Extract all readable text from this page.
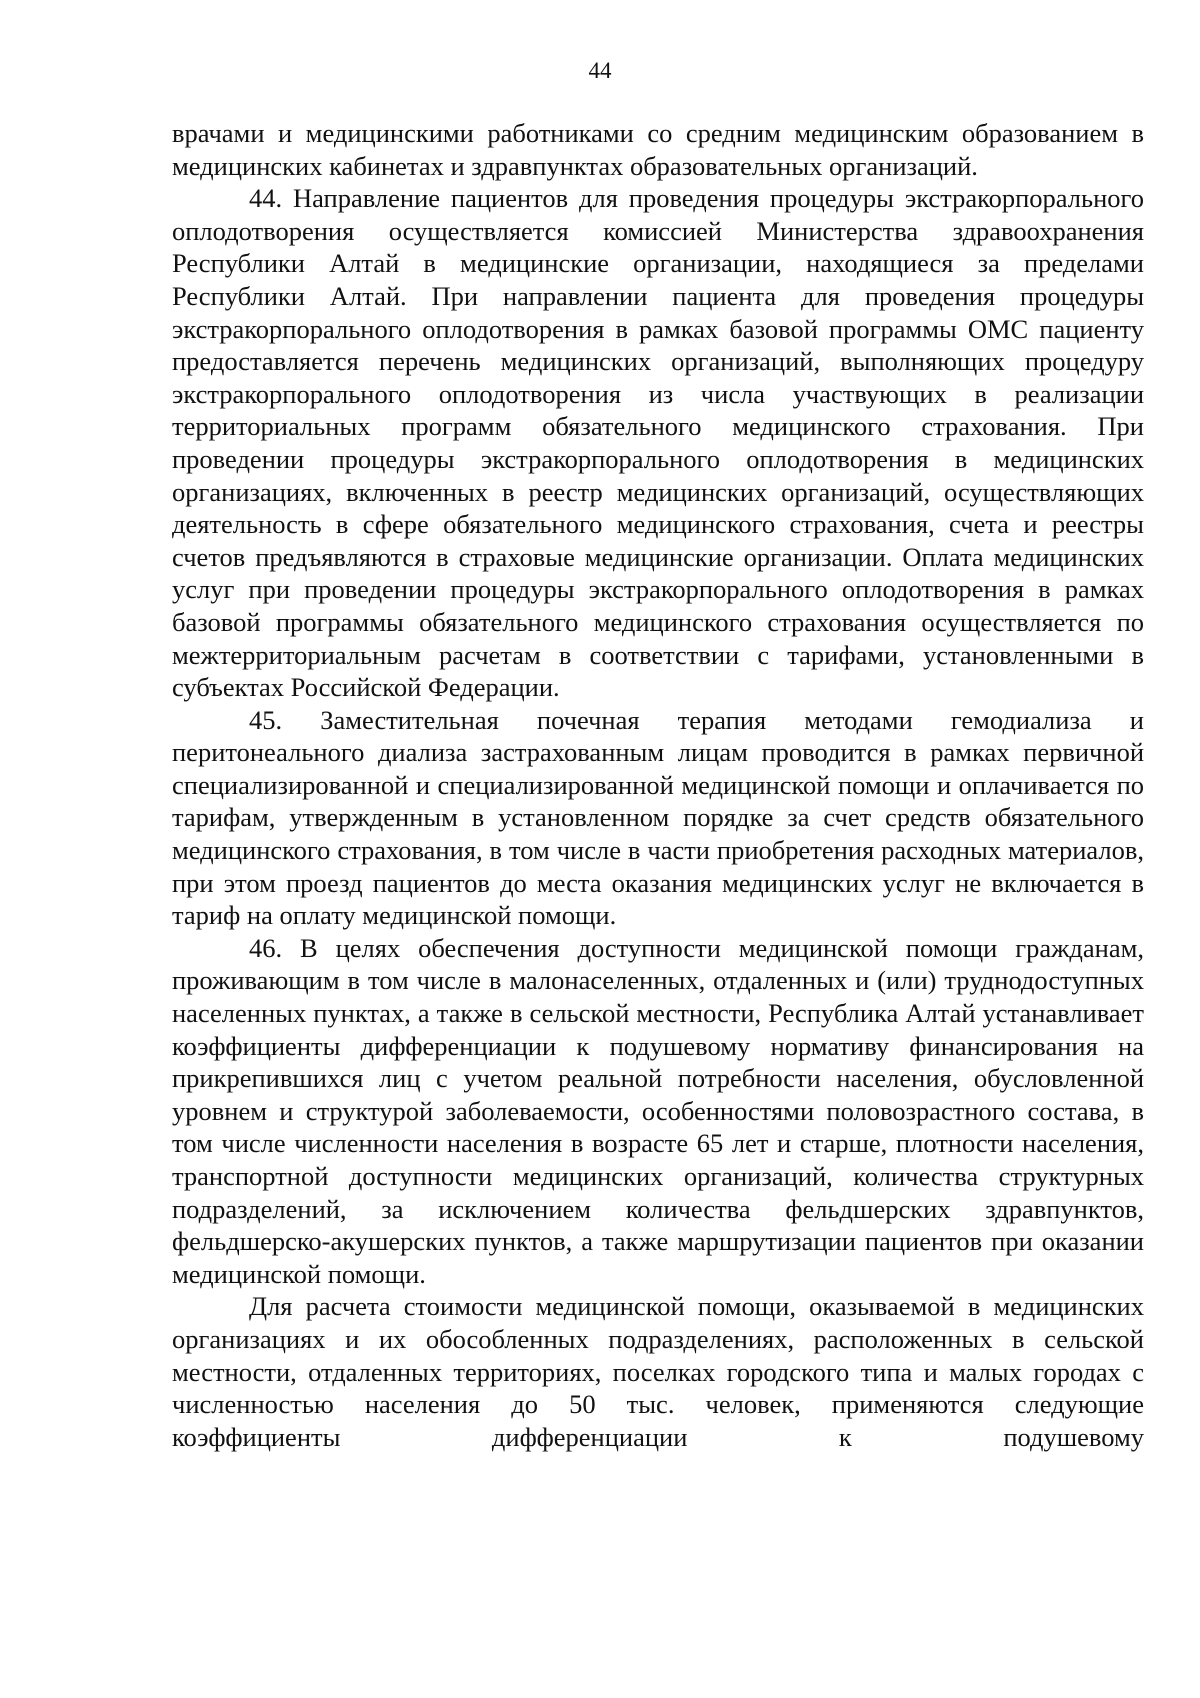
44

врачами и медицинскими работниками со средним медицинским образованием в медицинских кабинетах и здравпунктах образовательных организаций.

44. Направление пациентов для проведения процедуры экстракорпорального оплодотворения осуществляется комиссией Министерства здравоохранения Республики Алтай в медицинские организации, находящиеся за пределами Республики Алтай. При направлении пациента для проведения процедуры экстракорпорального оплодотворения в рамках базовой программы ОМС пациенту предоставляется перечень медицинских организаций, выполняющих процедуру экстракорпорального оплодотворения из числа участвующих в реализации территориальных программ обязательного медицинского страхования. При проведении процедуры экстракорпорального оплодотворения в медицинских организациях, включенных в реестр медицинских организаций, осуществляющих деятельность в сфере обязательного медицинского страхования, счета и реестры счетов предъявляются в страховые медицинские организации. Оплата медицинских услуг при проведении процедуры экстракорпорального оплодотворения в рамках базовой программы обязательного медицинского страхования осуществляется по межтерриториальным расчетам в соответствии с тарифами, установленными в субъектах Российской Федерации.

45. Заместительная почечная терапия методами гемодиализа и перитонеального диализа застрахованным лицам проводится в рамках первичной специализированной и специализированной медицинской помощи и оплачивается по тарифам, утвержденным в установленном порядке за счет средств обязательного медицинского страхования, в том числе в части приобретения расходных материалов, при этом проезд пациентов до места оказания медицинских услуг не включается в тариф на оплату медицинской помощи.

46. В целях обеспечения доступности медицинской помощи гражданам, проживающим в том числе в малонаселенных, отдаленных и (или) труднодоступных населенных пунктах, а также в сельской местности, Республика Алтай устанавливает коэффициенты дифференциации к подушевому нормативу финансирования на прикрепившихся лиц с учетом реальной потребности населения, обусловленной уровнем и структурой заболеваемости, особенностями половозрастного состава, в том числе численности населения в возрасте 65 лет и старше, плотности населения, транспортной доступности медицинских организаций, количества структурных подразделений, за исключением количества фельдшерских здравпунктов, фельдшерско-акушерских пунктов, а также маршрутизации пациентов при оказании медицинской помощи.

Для расчета стоимости медицинской помощи, оказываемой в медицинских организациях и их обособленных подразделениях, расположенных в сельской местности, отдаленных территориях, поселках городского типа и малых городах с численностью населения до 50 тыс. человек, применяются следующие коэффициенты дифференциации к подушевому
